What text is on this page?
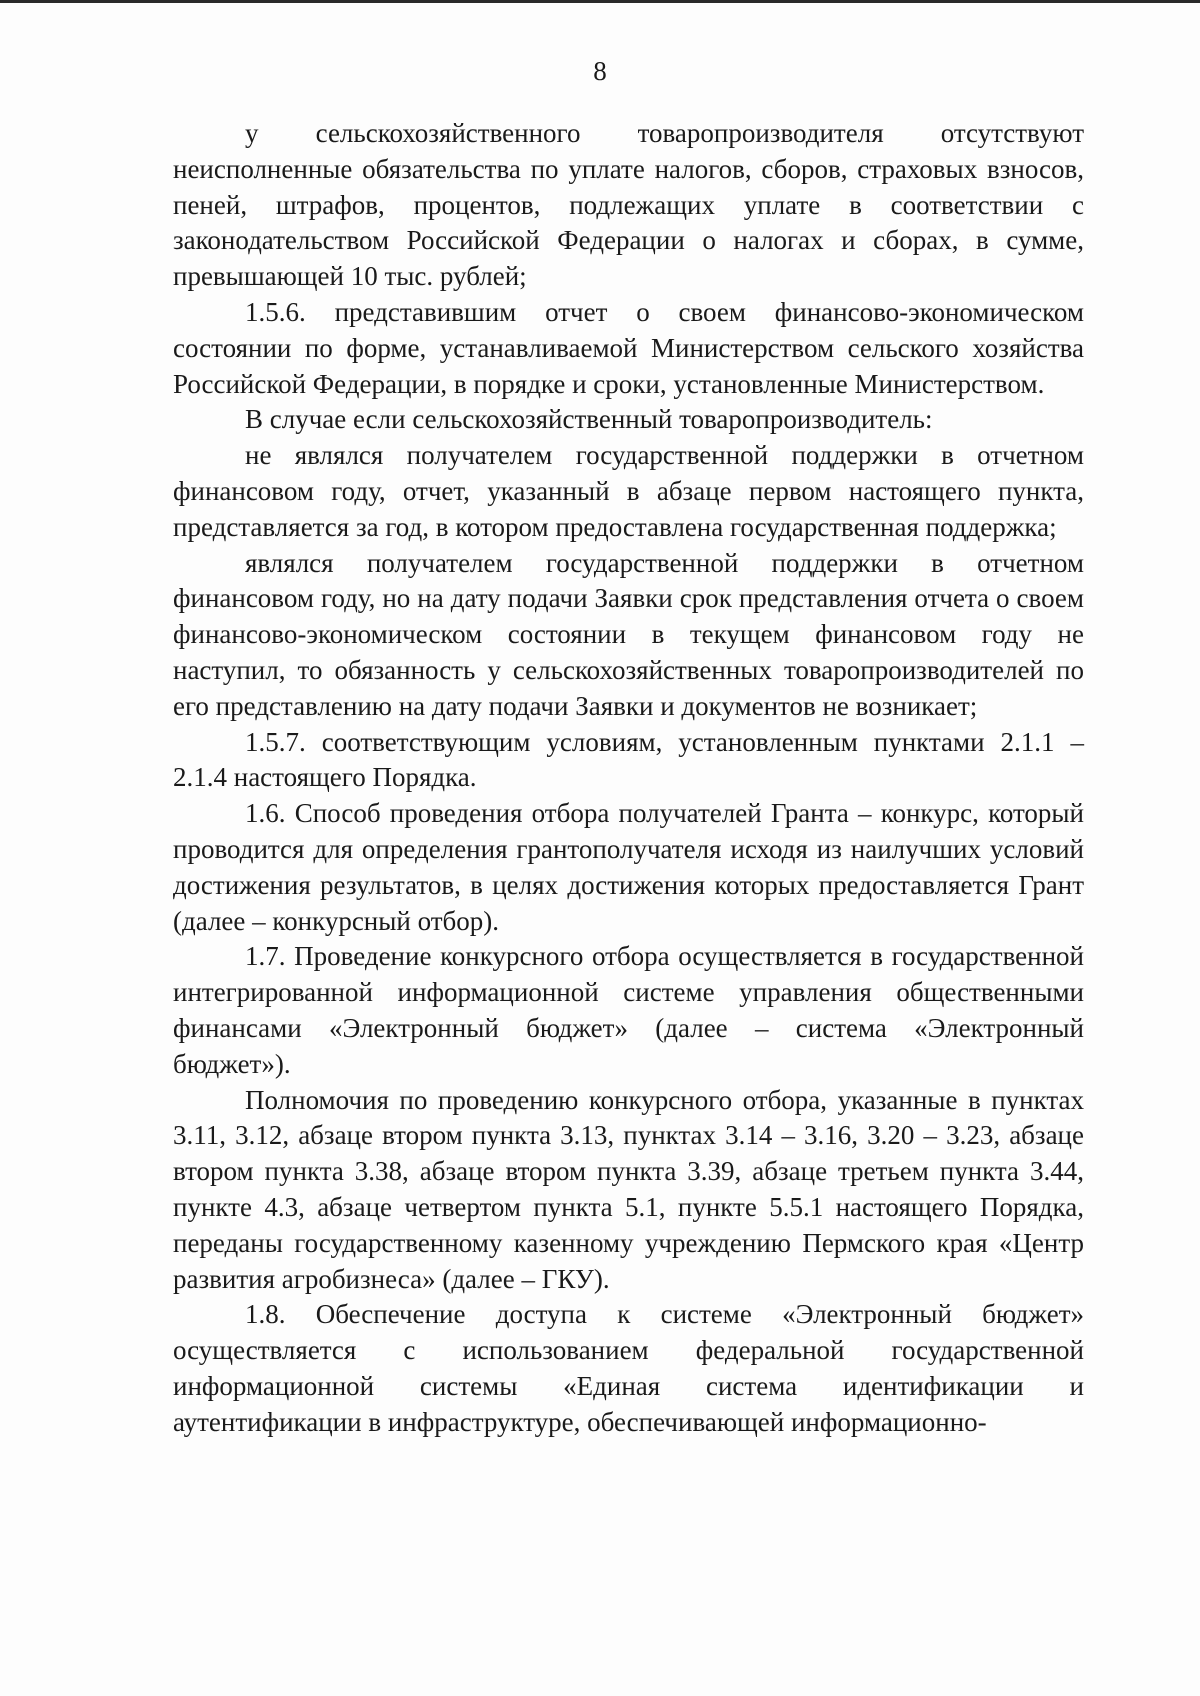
8

у сельскохозяйственного товаропроизводителя отсутствуют неисполненные обязательства по уплате налогов, сборов, страховых взносов, пеней, штрафов, процентов, подлежащих уплате в соответствии с законодательством Российской Федерации о налогах и сборах, в сумме, превышающей 10 тыс. рублей;

1.5.6. представившим отчет о своем финансово-экономическом состоянии по форме, устанавливаемой Министерством сельского хозяйства Российской Федерации, в порядке и сроки, установленные Министерством.

В случае если сельскохозяйственный товаропроизводитель:

не являлся получателем государственной поддержки в отчетном финансовом году, отчет, указанный в абзаце первом настоящего пункта, представляется за год, в котором предоставлена государственная поддержка;

являлся получателем государственной поддержки в отчетном финансовом году, но на дату подачи Заявки срок представления отчета о своем финансово-экономическом состоянии в текущем финансовом году не наступил, то обязанность у сельскохозяйственных товаропроизводителей по его представлению на дату подачи Заявки и документов не возникает;

1.5.7. соответствующим условиям, установленным пунктами 2.1.1 – 2.1.4 настоящего Порядка.

1.6. Способ проведения отбора получателей Гранта – конкурс, который проводится для определения грантополучателя исходя из наилучших условий достижения результатов, в целях достижения которых предоставляется Грант (далее – конкурсный отбор).

1.7. Проведение конкурсного отбора осуществляется в государственной интегрированной информационной системе управления общественными финансами «Электронный бюджет» (далее – система «Электронный бюджет»).

Полномочия по проведению конкурсного отбора, указанные в пунктах 3.11, 3.12, абзаце втором пункта 3.13, пунктах 3.14 – 3.16, 3.20 – 3.23, абзаце втором пункта 3.38, абзаце втором пункта 3.39, абзаце третьем пункта 3.44, пункте 4.3, абзаце четвертом пункта 5.1, пункте 5.5.1 настоящего Порядка, переданы государственному казенному учреждению Пермского края «Центр развития агробизнеса» (далее – ГКУ).

1.8. Обеспечение доступа к системе «Электронный бюджет» осуществляется с использованием федеральной государственной информационной системы «Единая система идентификации и аутентификации в инфраструктуре, обеспечивающей информационно-
